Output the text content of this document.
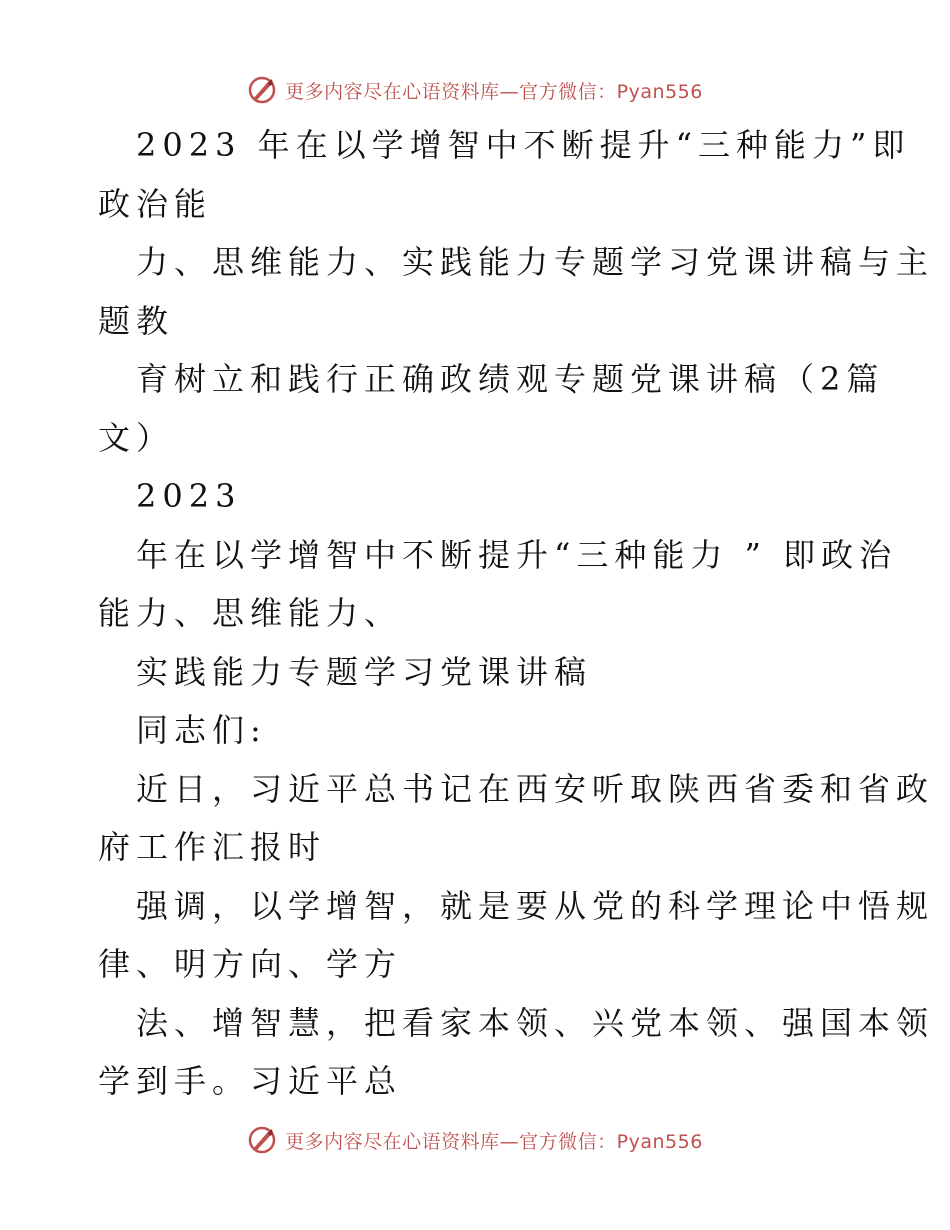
更多内容尽在心语资料库—官方微信：Pyan556
2023 年在以学增智中不断提升“三种能力”即
政治能
力、思维能力、实践能力专题学习党课讲稿与主
题教
育树立和践行正确政绩观专题党课讲稿（2篇
文）
2023
年在以学增智中不断提升“三种能力 ” 即政治
能力、思维能力、
实践能力专题学习党课讲稿
同志们:
近日，习近平总书记在西安听取陕西省委和省政
府工作汇报时
强调，以学增智，就是要从党的科学理论中悟规
律、明方向、学方
法、增智慧，把看家本领、兴党本领、强国本领
学到手。习近平总
更多内容尽在心语资料库—官方微信：Pyan556
